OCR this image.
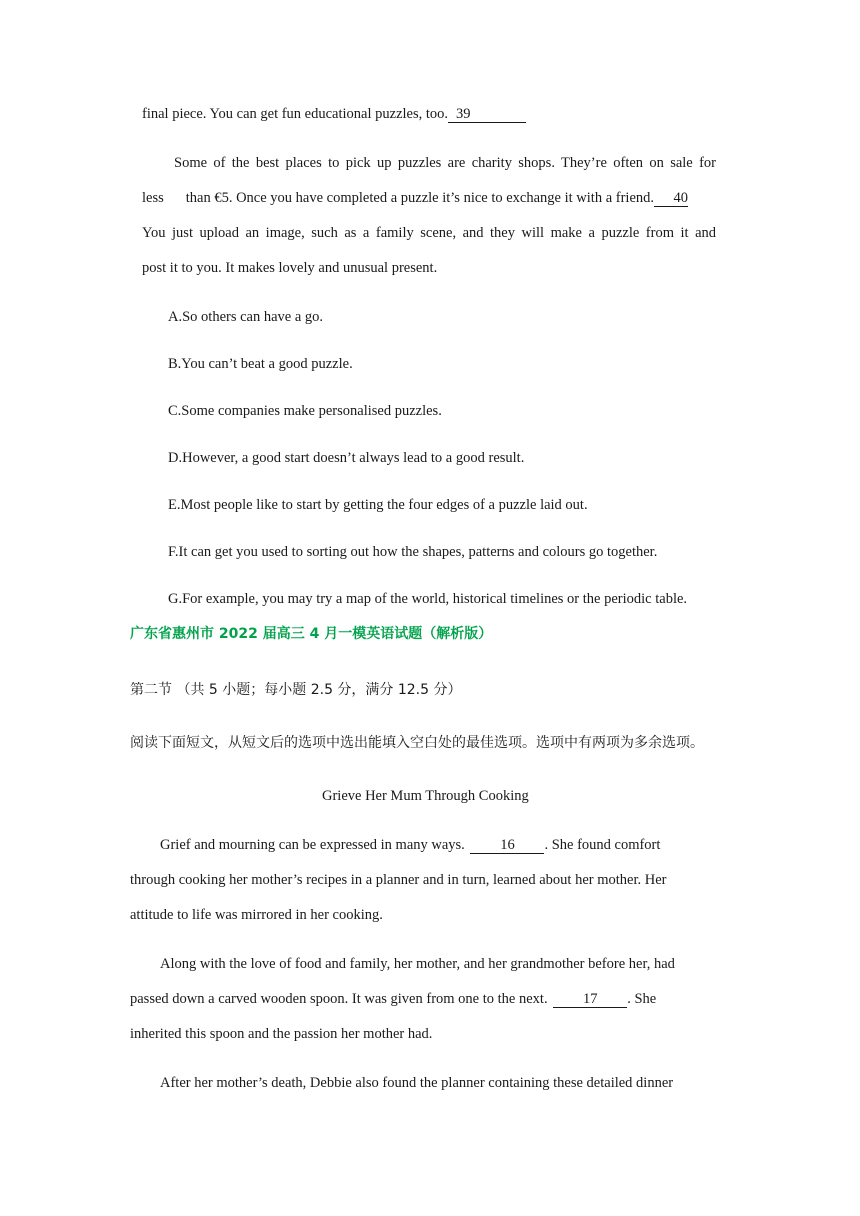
final piece. You can get fun educational puzzles, too. 39
Some of the best places to pick up puzzles are charity shops. They’re often on sale for
less than €5. Once you have completed a puzzle it’s nice to exchange it with a friend. 40
You just upload an image, such as a family scene, and they will make a puzzle from it and
post it to you. It makes lovely and unusual present.
A.So others can have a go.
B.You can’t beat a good puzzle.
C.Some companies make personalised puzzles.
D.However, a good start doesn’t always lead to a good result.
E.Most people like to start by getting the four edges of a puzzle laid out.
F.It can get you used to sorting out how the shapes, patterns and colours go together.
G.For example, you may try a map of the world, historical timelines or the periodic table.
广东省惠州市 2022 届高三 4 月一模英语试题（解析版）
第二节 （共 5 小题；每小题 2.5 分，满分 12.5 分）
阅读下面短文，从短文后的选项中选出能填入空白处的最佳选项。选项中有两项为多余选项。
Grieve Her Mum Through Cooking
Grief and mourning can be expressed in many ways. 16 . She found comfort
through cooking her mother’s recipes in a planner and in turn, learned about her mother. Her
attitude to life was mirrored in her cooking.
Along with the love of food and family, her mother, and her grandmother before her, had
passed down a carved wooden spoon. It was given from one to the next. 17 . She
inherited this spoon and the passion her mother had.
After her mother’s death, Debbie also found the planner containing these detailed dinner
